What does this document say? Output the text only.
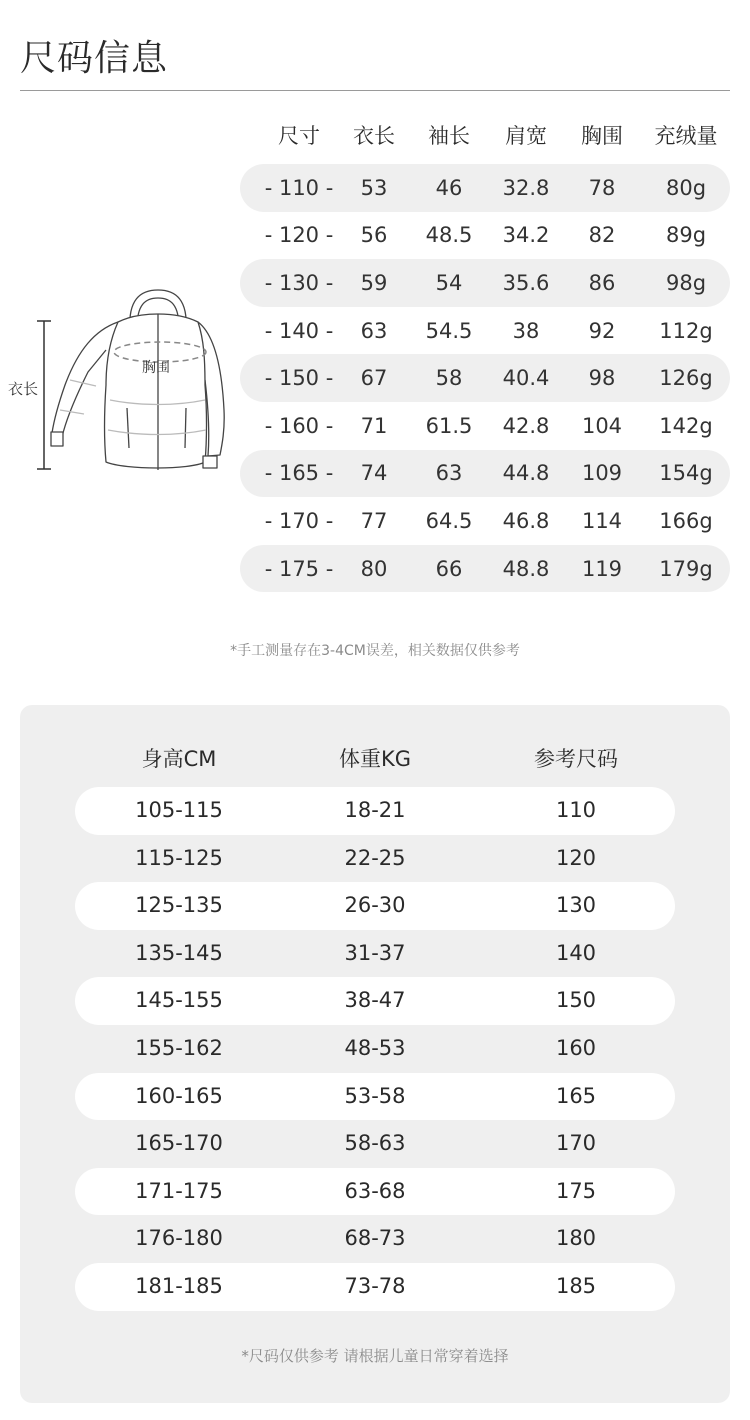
尺码信息
胸围
衣长
尺寸	衣长	袖长	肩宽	胸围	充绒量
- 110 -	53	46	32.8	78	80g
- 120 -	56	48.5	34.2	82	89g
- 130 -	59	54	35.6	86	98g
- 140 -	63	54.5	38	92	112g
- 150 -	67	58	40.4	98	126g
- 160 -	71	61.5	42.8	104	142g
- 165 -	74	63	44.8	109	154g
- 170 -	77	64.5	46.8	114	166g
- 175 -	80	66	48.8	119	179g
*手工测量存在3-4CM误差，相关数据仅供参考
身高CM	体重KG	参考尺码
105-115	18-21	110
115-125	22-25	120
125-135	26-30	130
135-145	31-37	140
145-155	38-47	150
155-162	48-53	160
160-165	53-58	165
165-170	58-63	170
171-175	63-68	175
176-180	68-73	180
181-185	73-78	185
*尺码仅供参考 请根据儿童日常穿着选择
